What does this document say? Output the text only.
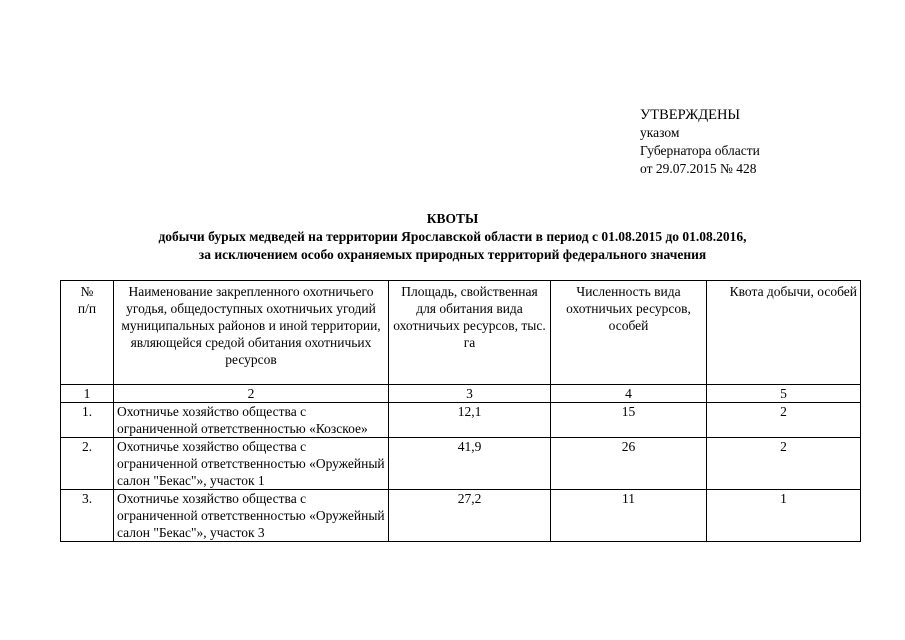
УТВЕРЖДЕНЫ
указом
Губернатора области
от 29.07.2015 № 428
КВОТЫ
добычи бурых медведей на территории Ярославской области в период с 01.08.2015 до 01.08.2016,
за исключением особо охраняемых природных территорий федерального значения
№
п/п	Наименование закрепленного охотничьего угодья, общедоступных охотничьих угодий муниципальных районов и иной территории, являющейся средой обитания охотничьих ресурсов	Площадь, свойственная для обитания вида охотничьих ресурсов, тыс. га	Численность вида охотничьих ресурсов, особей	Квота добычи, особей
1	2	3	4	5
1.	Охотничье хозяйство общества с ограниченной ответственностью «Козское»	12,1	15	2
2.	Охотничье хозяйство общества с ограниченной ответственностью «Оружейный салон "Бекас"», участок 1	41,9	26	2
3.	Охотничье хозяйство общества с ограниченной ответственностью «Оружейный салон "Бекас"», участок 3	27,2	11	1
